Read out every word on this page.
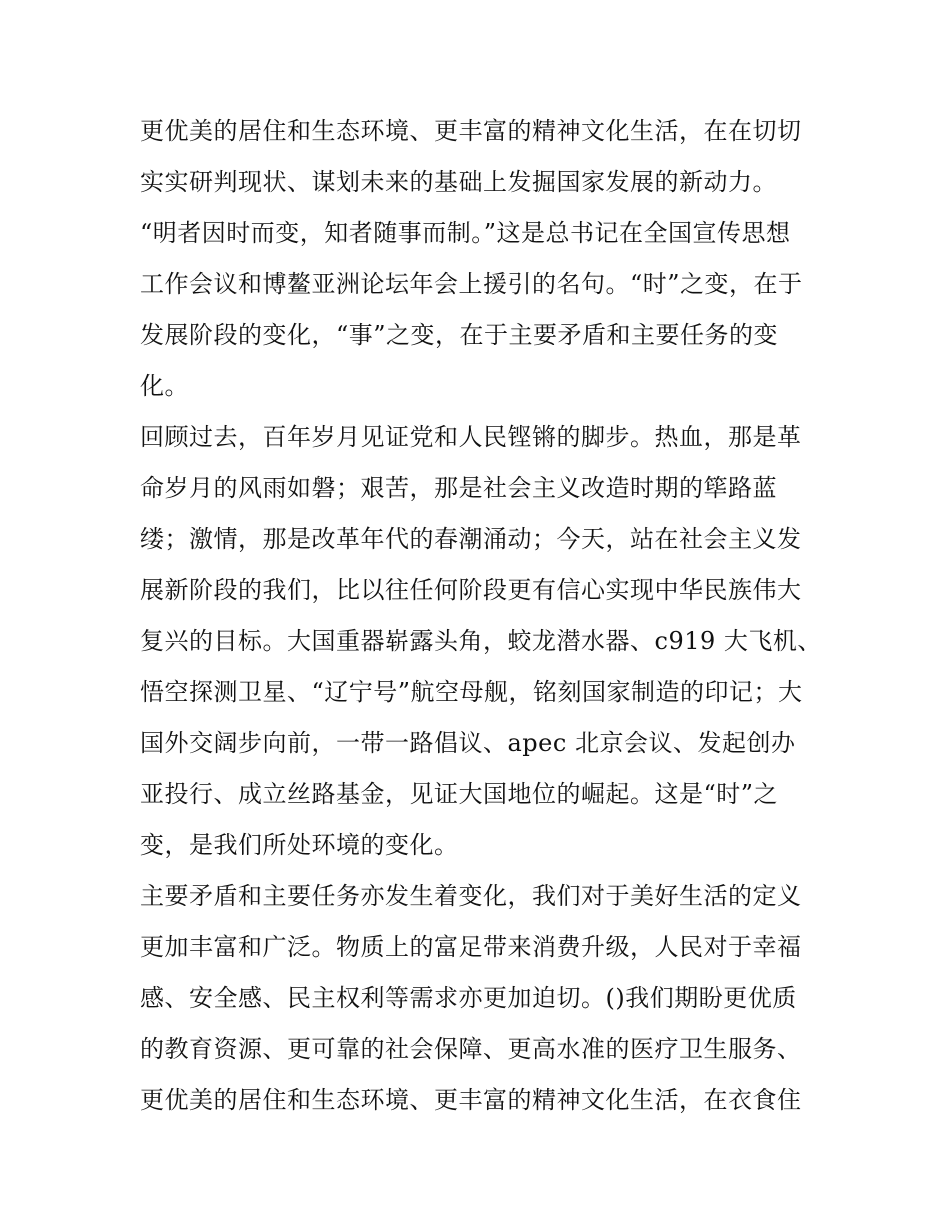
更优美的居住和生态环境、更丰富的精神文化生活，在在切切
实实研判现状、谋划未来的基础上发掘国家发展的新动力。
“明者因时而变，知者随事而制。”这是总书记在全国宣传思想
工作会议和博鳌亚洲论坛年会上援引的名句。“时”之变，在于
发展阶段的变化，“事”之变，在于主要矛盾和主要任务的变
化。
回顾过去，百年岁月见证党和人民铿锵的脚步。热血，那是革
命岁月的风雨如磐；艰苦，那是社会主义改造时期的筚路蓝
缕；激情，那是改革年代的春潮涌动；今天，站在社会主义发
展新阶段的我们，比以往任何阶段更有信心实现中华民族伟大
复兴的目标。大国重器崭露头角，蛟龙潜水器、c919 大飞机、
悟空探测卫星、“辽宁号”航空母舰，铭刻国家制造的印记；大
国外交阔步向前，一带一路倡议、apec 北京会议、发起创办
亚投行、成立丝路基金，见证大国地位的崛起。这是“时”之
变，是我们所处环境的变化。
主要矛盾和主要任务亦发生着变化，我们对于美好生活的定义
更加丰富和广泛。物质上的富足带来消费升级，人民对于幸福
感、安全感、民主权利等需求亦更加迫切。()我们期盼更优质
的教育资源、更可靠的社会保障、更高水准的医疗卫生服务、
更优美的居住和生态环境、更丰富的精神文化生活，在衣食住
